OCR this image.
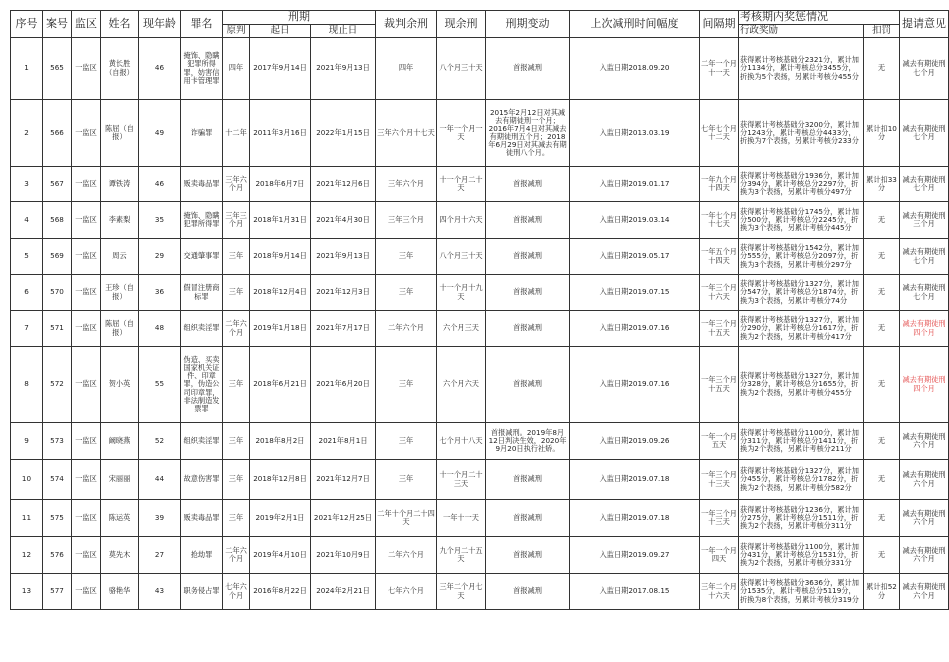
序号	案号	监区	姓名	现年龄	罪名	刑期			裁判余刑	现余刑	刑期变动	上次减刑时间幅度	间隔期	考核期内奖惩情况		提请意见
						原判	起日	现止日						行政奖励	扣罚	
1	565	一监区	黄长胜（自报）	46	掩饰、隐瞒犯罪所得罪，妨害信用卡管理罪	四年	2017年9月14日	2021年9月13日	四年	八个月三十天	首报减刑	入监日期2018.09.20	二年一个月十一天	获得累计考核基础分2321分，累计加分1134分，累计考核总分3455分，折换为5个表扬，另累计考核分455分	无	减去有期徒刑七个月
2	566	一监区	陈屈（自报）	49	诈骗罪	十二年	2011年3月16日	2022年1月15日	三年六个月十七天	一年一个月一天	2015年2月12日对其减去有期徒刑一个月；2016年7月4日对其减去有期徒刑五个月；2018年6月29日对其减去有期徒刑八个月。	入监日期2013.03.19	七年七个月十二天	获得累计考核基础分3200分，累计加分1243分，累计考核总分4433分，折换为7个表扬，另累计考核分233分	累计扣10分	减去有期徒刑七个月
3	567	一监区	谭铁涛	46	贩卖毒品罪	三年六个月	2018年6月7日	2021年12月6日	三年六个月	十一个月二十天	首报减刑	入监日期2019.01.17	一年九个月十四天	获得累计考核基础分1936分，累计加分394分，累计考核总分2297分，折换为3个表扬，另累计考核分497分	累计扣33分	减去有期徒刑七个月
4	568	一监区	李素梨	35	掩饰、隐瞒犯罪所得罪	三年三个月	2018年1月31日	2021年4月30日	三年三个月	四个月十六天	首报减刑	入监日期2019.03.14	一年七个月十七天	获得累计考核基础分1745分，累计加分500分，累计考核总分2245分，折换为3个表扬，另累计考核分445分	无	减去有期徒刑三个月
5	569	一监区	周云	29	交通肇事罪	三年	2018年9月14日	2021年9月13日	三年	八个月三十天	首报减刑	入监日期2019.05.17	一年五个月十四天	获得累计考核基础分1542分，累计加分555分，累计考核总分2097分，折换为3个表扬，另累计考核分297分	无	减去有期徒刑七个月
6	570	一监区	王珍（自报）	36	假冒注册商标罪	三年	2018年12月4日	2021年12月3日	三年	十一个月十九天	首报减刑	入监日期2019.07.15	一年三个月十六天	获得累计考核基础分1327分，累计加分547分，累计考核总分1874分，折换为3个表扬，另累计考核分74分	无	减去有期徒刑七个月
7	571	一监区	陈屈（自报）	48	组织卖淫罪	二年六个月	2019年1月18日	2021年7月17日	二年六个月	六个月三天	首报减刑	入监日期2019.07.16	一年三个月十五天	获得累计考核基础分1327分，累计加分290分，累计考核总分1617分，折换为2个表扬，另累计考核分417分	无	减去有期徒刑四个月
8	572	一监区	贺小英	55	伪造、买卖国家机关证件、印章罪，伪造公司印章罪，非法制造发票罪	三年	2018年6月21日	2021年6月20日	三年	六个月六天	首报减刑	入监日期2019.07.16	一年三个月十五天	获得累计考核基础分1327分，累计加分328分，累计考核总分1655分，折换为2个表扬，另累计考核分455分	无	减去有期徒刑四个月
9	573	一监区	阚晓燕	52	组织卖淫罪	三年	2018年8月2日	2021年8月1日	三年	七个月十八天	首报减刑。2019年8月12日判决生效，2020年9月20日执行社矫。	入监日期2019.09.26	一年一个月五天	获得累计考核基础分1100分，累计加分311分，累计考核总分1411分，折换为2个表扬，另累计考核分211分	无	减去有期徒刑六个月
10	574	一监区	宋丽丽	44	故意伤害罪	三年	2018年12月8日	2021年12月7日	三年	十一个月二十三天	首报减刑	入监日期2019.07.18	一年三个月十三天	获得累计考核基础分1327分，累计加分455分，累计考核总分1782分，折换为2个表扬，另累计考核分582分	无	减去有期徒刑六个月
11	575	一监区	陈运英	39	贩卖毒品罪	三年	2019年2月1日	2021年12月25日	二年十个月二十四天	一年十一天	首报减刑	入监日期2019.07.18	一年三个月十三天	获得累计考核基础分1236分，累计加分275分，累计考核总分1511分，折换为2个表扬，另累计考核分311分	无	减去有期徒刑六个月
12	576	一监区	莫先木	27	抢劫罪	二年六个月	2019年4月10日	2021年10月9日	二年六个月	九个月二十五天	首报减刑	入监日期2019.09.27	一年一个月四天	获得累计考核基础分1100分，累计加分431分，累计考核总分1531分，折换为2个表扬，另累计考核分331分	无	减去有期徒刑六个月
13	577	一监区	骆艳华	43	职务侵占罪	七年六个月	2016年8月22日	2024年2月21日	七年六个月	三年二个月七天	首报减刑	入监日期2017.08.15	三年二个月十六天	获得累计考核基础分3636分，累计加分1535分，累计考核总分5119分，折换为8个表扬，另累计考核分319分	累计扣52分	减去有期徒刑六个月
